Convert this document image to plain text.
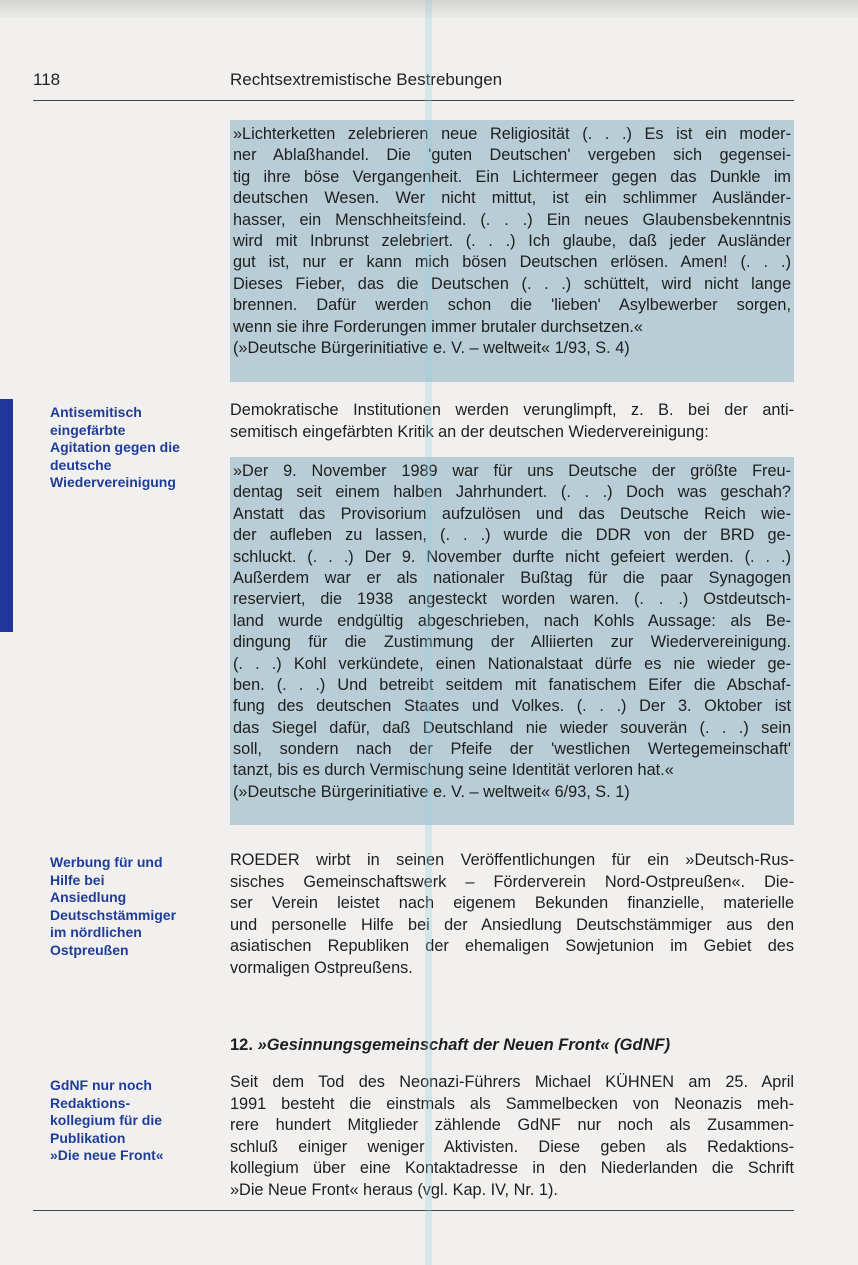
118	Rechtsextremistische Bestrebungen
Antisemitisch
eingefärbte
Agitation gegen die
deutsche
Wiedervereinigung
Werbung für und
Hilfe bei
Ansiedlung
Deutschstämmiger
im nördlichen
Ostpreußen
GdNF nur noch
Redaktions-
kollegium für die
Publikation
»Die neue Front«
»Lichterketten zelebrieren neue Religiosität (. . .) Es ist ein moder-
ner Ablaßhandel. Die 'guten Deutschen' vergeben sich gegensei-
tig ihre böse Vergangenheit. Ein Lichtermeer gegen das Dunkle im
deutschen Wesen. Wer nicht mittut, ist ein schlimmer Ausländer-
hasser, ein Menschheitsfeind. (. . .) Ein neues Glaubensbekenntnis
wird mit Inbrunst zelebriert. (. . .) Ich glaube, daß jeder Ausländer
gut ist, nur er kann mich bösen Deutschen erlösen. Amen! (. . .)
Dieses Fieber, das die Deutschen (. . .) schüttelt, wird nicht lange
brennen. Dafür werden schon die 'lieben' Asylbewerber sorgen,
wenn sie ihre Forderungen immer brutaler durchsetzen.«
(»Deutsche Bürgerinitiative e. V. – weltweit« 1/93, S. 4)
Demokratische Institutionen werden verunglimpft, z. B. bei der anti-
semitisch eingefärbten Kritik an der deutschen Wiedervereinigung:
»Der 9. November 1989 war für uns Deutsche der größte Freu-
dentag seit einem halben Jahrhundert. (. . .) Doch was geschah?
Anstatt das Provisorium aufzulösen und das Deutsche Reich wie-
der aufleben zu lassen, (. . .) wurde die DDR von der BRD ge-
schluckt. (. . .) Der 9. November durfte nicht gefeiert werden. (. . .)
Außerdem war er als nationaler Bußtag für die paar Synagogen
reserviert, die 1938 angesteckt worden waren. (. . .) Ostdeutsch-
land wurde endgültig abgeschrieben, nach Kohls Aussage: als Be-
dingung für die Zustimmung der Alliierten zur Wiedervereinigung.
(. . .) Kohl verkündete, einen Nationalstaat dürfe es nie wieder ge-
ben. (. . .) Und betreibt seitdem mit fanatischem Eifer die Abschaf-
fung des deutschen Staates und Volkes. (. . .) Der 3. Oktober ist
das Siegel dafür, daß Deutschland nie wieder souverän (. . .) sein
soll, sondern nach der Pfeife der 'westlichen Wertegemeinschaft'
tanzt, bis es durch Vermischung seine Identität verloren hat.«
(»Deutsche Bürgerinitiative e. V. – weltweit« 6/93, S. 1)
ROEDER wirbt in seinen Veröffentlichungen für ein »Deutsch-Rus-
sisches Gemeinschaftswerk – Förderverein Nord-Ostpreußen«. Die-
ser Verein leistet nach eigenem Bekunden finanzielle, materielle
und personelle Hilfe bei der Ansiedlung Deutschstämmiger aus den
asiatischen Republiken der ehemaligen Sowjetunion im Gebiet des
vormaligen Ostpreußens.
12. »Gesinnungsgemeinschaft der Neuen Front« (GdNF)
Seit dem Tod des Neonazi-Führers Michael KÜHNEN am 25. April
1991 besteht die einstmals als Sammelbecken von Neonazis meh-
rere hundert Mitglieder zählende GdNF nur noch als Zusammen-
schluß einiger weniger Aktivisten. Diese geben als Redaktions-
kollegium über eine Kontaktadresse in den Niederlanden die Schrift
»Die Neue Front« heraus (vgl. Kap. IV, Nr. 1).
